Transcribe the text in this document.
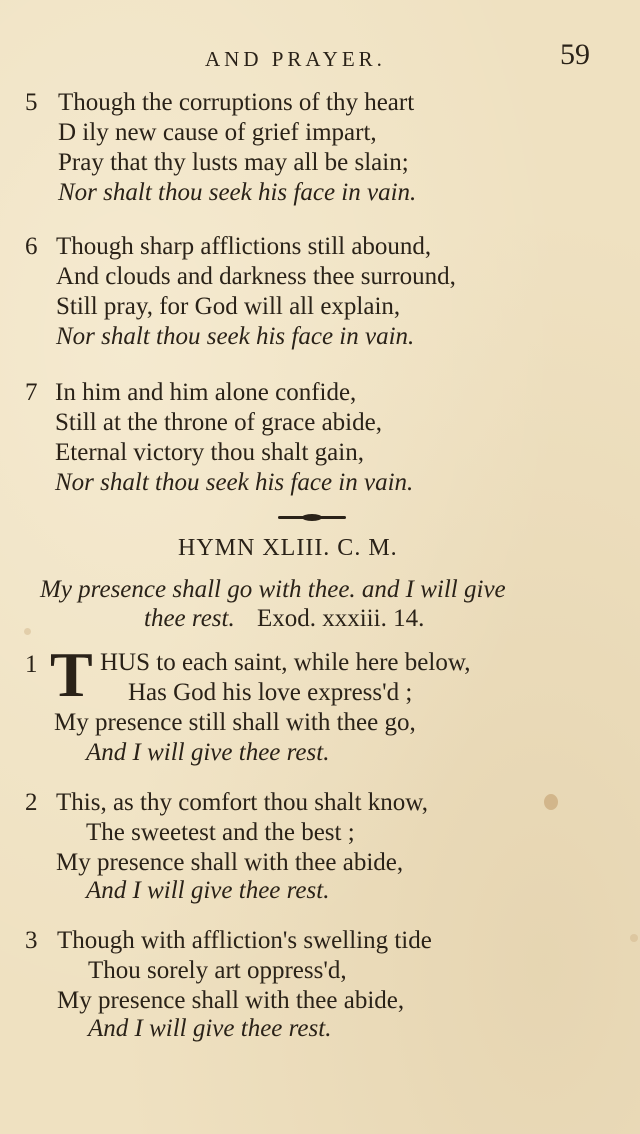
AND PRAYER.	59
5 Though the corruptions of thy heart
D ily new cause of grief impart,
Pray that thy lusts may all be slain;
Nor shalt thou seek his face in vain.
6 Though sharp afflictions still abound,
And clouds and darkness thee surround,
Still pray, for God will all explain,
Nor shalt thou seek his face in vain.
7 In him and him alone confide,
Still at the throne of grace abide,
Eternal victory thou shalt gain,
Nor shalt thou seek his face in vain.
HYMN XLIII. C. M.
My presence shall go with thee. and I will give
thee rest. Exod. xxxiii. 14.
1 T HUS to each saint, while here below,
Has God his love express'd ;
My presence still shall with thee go,
And I will give thee rest.
2 This, as thy comfort thou shalt know,
The sweetest and the best ;
My presence shall with thee abide,
And I will give thee rest.
3 Though with affliction's swelling tide
Thou sorely art oppress'd,
My presence shall with thee abide,
And I will give thee rest.
